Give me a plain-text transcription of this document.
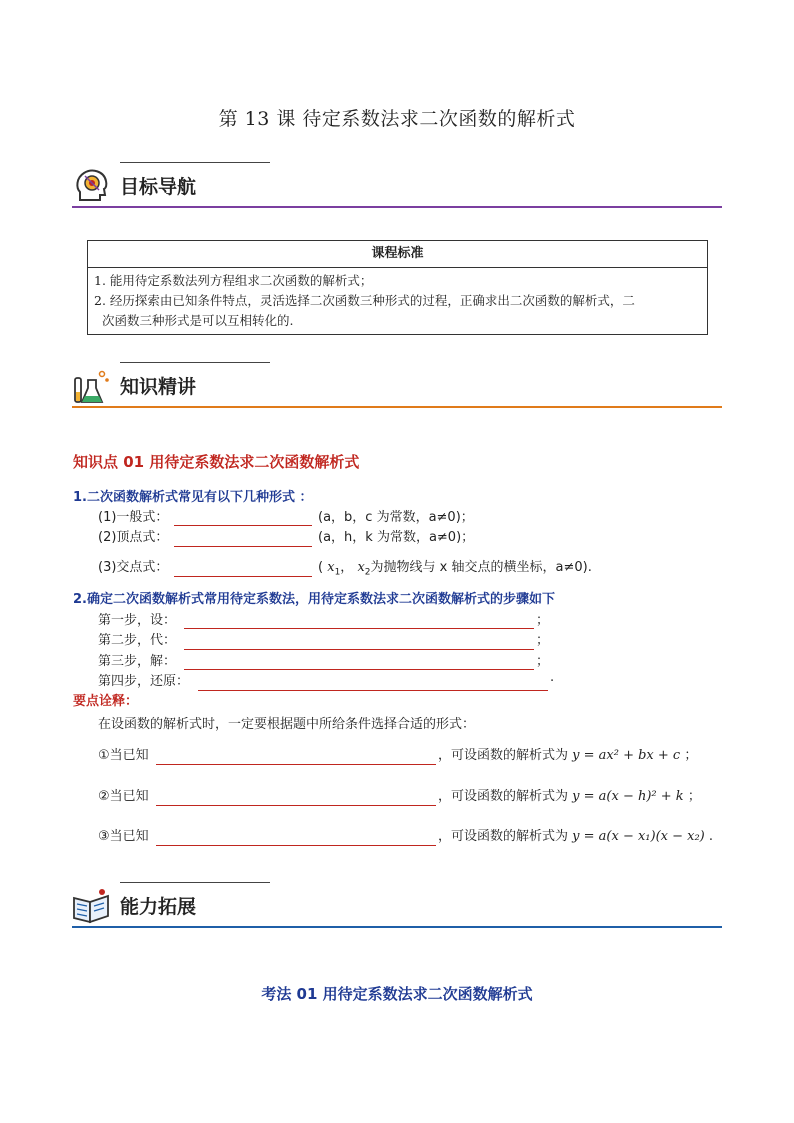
第 13 课 待定系数法求二次函数的解析式
目标导航
课程标准

1. 能用待定系数法列方程组求二次函数的解析式；
2. 经历探索由已知条件特点，灵活选择二次函数三种形式的过程，正确求出二次函数的解析式，二
次函数三种形式是可以互相转化的.
知识精讲
知识点 01 用待定系数法求二次函数解析式
1.二次函数解析式常见有以下几种形式 ：
(1)一般式：	(a，b，c 为常数，a≠0)；
(2)顶点式：	(a，h，k 为常数，a≠0)；
(3)交点式：	( $x_1$， $x_2$为抛物线与 x 轴交点的横坐标，a≠0).
2.确定二次函数解析式常用待定系数法，用待定系数法求二次函数解析式的步骤如下
第一步，设：	；
第二步，代：	；
第三步，解：	；
第四步，还原：	.
要点诠释：
在设函数的解析式时，一定要根据题中所给条件选择合适的形式：
①当已知	，可设函数的解析式为 y = ax² + bx + c ；
②当已知	，可设函数的解析式为 y = a(x − h)² + k ；
③当已知	，可设函数的解析式为 y = a(x − x₁)(x − x₂) .
能力拓展
考法 01 用待定系数法求二次函数解析式
